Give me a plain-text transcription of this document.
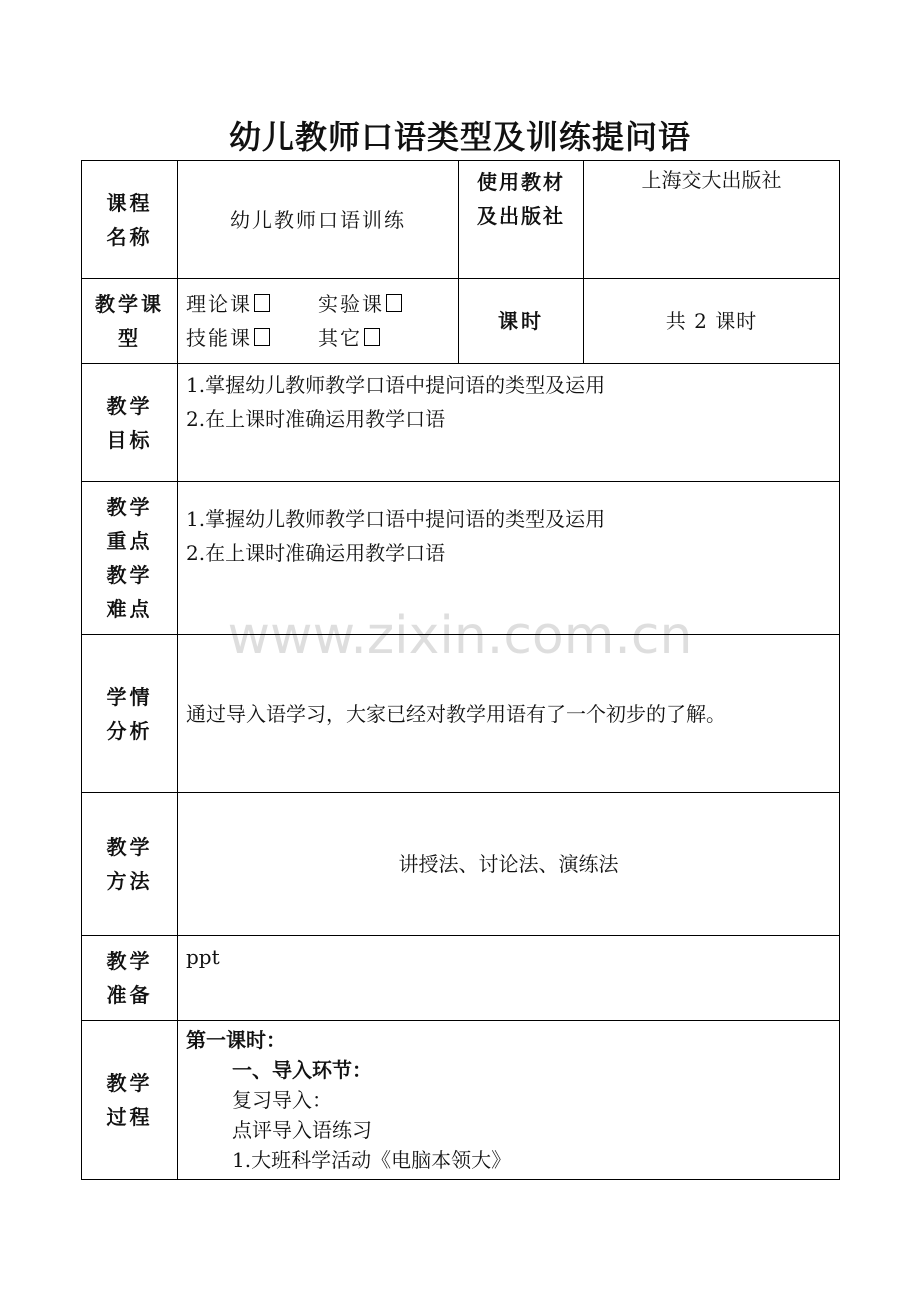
幼儿教师口语类型及训练提问语
课程
名称	幼儿教师口语训练	使用教材
及出版社	上海交大出版社

教学课
型	理论课 实验课
技能课 其它	课时	共 2 课时

教学
目标	1.掌握幼儿教师教学口语中提问语的类型及运用
2.在上课时准确运用教学口语		

教学
重点
教学
难点	1.掌握幼儿教师教学口语中提问语的类型及运用
2.在上课时准确运用教学口语		

学情
分析	通过导入语学习，大家已经对教学用语有了一个初步的了解。		

教学
方法	讲授法、讨论法、演练法		

教学
准备	ppt		

教学
过程	第一课时：
一、导入环节：
复习导入：
点评导入语练习
1.大班科学活动《电脑本领大》		
www.zixin.com.cn
